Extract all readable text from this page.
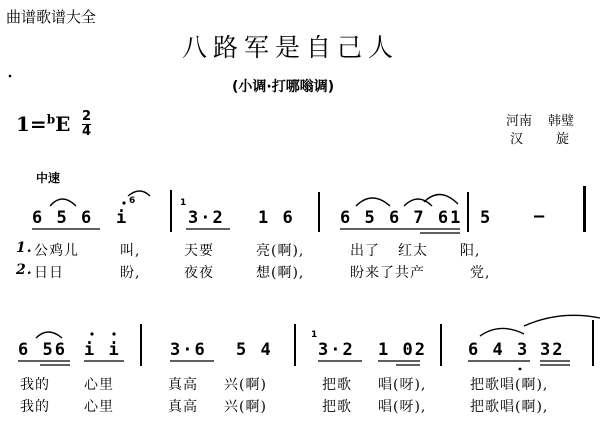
曲谱歌谱大全
八路军是自己人
(小调·打哪嗡调)
1=$^b$E 2
4
河南 韩璧
汉	旋
中速
6 5 6 i
6
3·2
1
1 6	6 5 6 7 61 5 —
1. 公鸡儿	叫,	天要	亮(啊),	出了 红太 阳,
2. 日日	盼,	夜夜	想(啊),	盼来了共产	党,
6 56 i i	3·6 5 4	3·2
1
1 02 6 4 3 32
我的 心里	真高 兴(啊)	把歌 唱(呀),	把歌唱(啊),
我的 心里	真高 兴(啊)	把歌 唱(呀),	把歌唱(啊),
